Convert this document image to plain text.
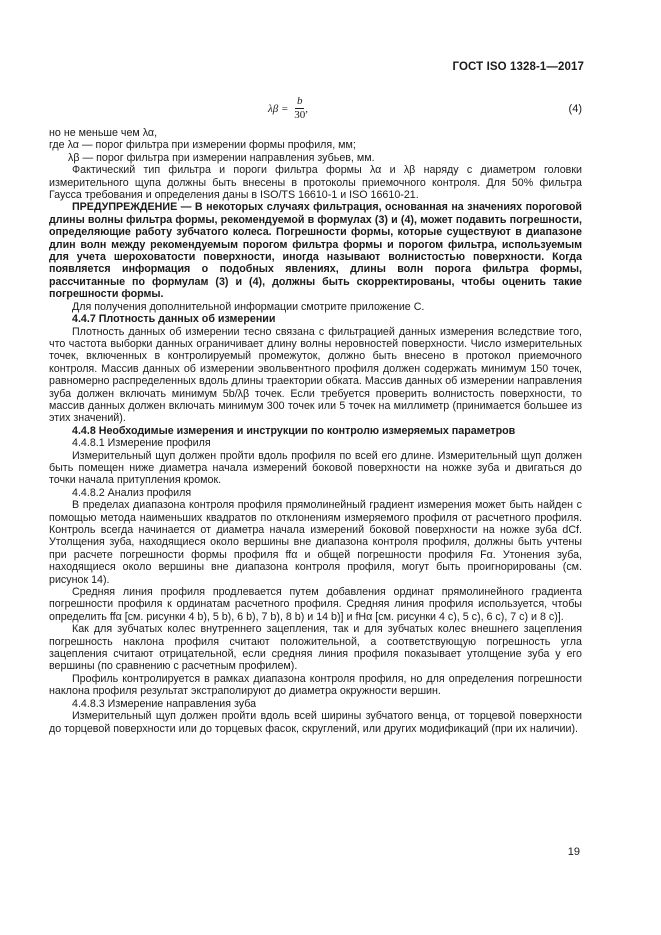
ГОСТ ISO 1328-1—2017
$\lambda\beta = \frac{b}{30}$ ,	(4)

но не меньше чем λα,

где λα — порог фильтра при измерении формы профиля, мм;

λβ — порог фильтра при измерении направления зубьев, мм.

Фактический тип фильтра и пороги фильтра формы λα и λβ наряду с диаметром головки измерительного щупа должны быть внесены в протоколы приемочного контроля. Для 50% фильтра Гаусса требования и определения даны в ISO/TS 16610-1 и ISO 16610-21.

ПРЕДУПРЕЖДЕНИЕ — В некоторых случаях фильтрация, основанная на значениях пороговой длины волны фильтра формы, рекомендуемой в формулах (3) и (4), может подавить погрешности, определяющие работу зубчатого колеса. Погрешности формы, которые существуют в диапазоне длин волн между рекомендуемым порогом фильтра формы и порогом фильтра, используемым для учета шероховатости поверхности, иногда называют волнистостью поверхности. Когда появляется информация о подобных явлениях, длины волн порога фильтра формы, рассчитанные по формулам (3) и (4), должны быть скорректированы, чтобы оценить такие погрешности формы.

Для получения дополнительной информации смотрите приложение С.

4.4.7 Плотность данных об измерении

Плотность данных об измерении тесно связана с фильтрацией данных измерения вследствие того, что частота выборки данных ограничивает длину волны неровностей поверхности. Число измерительных точек, включенных в контролируемый промежуток, должно быть внесено в протокол приемочного контроля. Массив данных об измерении эвольвентного профиля должен содержать минимум 150 точек, равномерно распределенных вдоль длины траектории обката. Массив данных об измерении направления зуба должен включать минимум 5b/λβ точек. Если требуется проверить волнистость поверхности, то массив данных должен включать минимум 300 точек или 5 точек на миллиметр (принимается большее из этих значений).

4.4.8 Необходимые измерения и инструкции по контролю измеряемых параметров

4.4.8.1 Измерение профиля

Измерительный щуп должен пройти вдоль профиля по всей его длине. Измерительный щуп должен быть помещен ниже диаметра начала измерений боковой поверхности на ножке зуба и двигаться до точки начала притупления кромок.

4.4.8.2 Анализ профиля

В пределах диапазона контроля профиля прямолинейный градиент измерения может быть найден с помощью метода наименьших квадратов по отклонениям измеряемого профиля от расчетного профиля. Контроль всегда начинается от диаметра начала измерений боковой поверхности на ножке зуба dCf. Утолщения зуба, находящиеся около вершины вне диапазона контроля профиля, должны быть учтены при расчете погрешности формы профиля ffα и общей погрешности профиля Fα. Утонения зуба, находящиеся около вершины вне диапазона контроля профиля, могут быть проигнорированы (см. рисунок 14).

Средняя линия профиля продлевается путем добавления ординат прямолинейного градиента погрешности профиля к ординатам расчетного профиля. Средняя линия профиля используется, чтобы определить ffα [см. рисунки 4 b), 5 b), 6 b), 7 b), 8 b) и 14 b)] и fHα [см. рисунки 4 с), 5 с), 6 с), 7 с) и 8 с)].

Как для зубчатых колес внутреннего зацепления, так и для зубчатых колес внешнего зацепления погрешность наклона профиля считают положительной, а соответствующую погрешность угла зацепления считают отрицательной, если средняя линия профиля показывает утолщение зуба у его вершины (по сравнению с расчетным профилем).

Профиль контролируется в рамках диапазона контроля профиля, но для определения погрешности наклона профиля результат экстраполируют до диаметра окружности вершин.

4.4.8.3 Измерение направления зуба

Измерительный щуп должен пройти вдоль всей ширины зубчатого венца, от торцевой поверхности до торцевой поверхности или до торцевых фасок, скруглений, или других модификаций (при их наличии).

19
